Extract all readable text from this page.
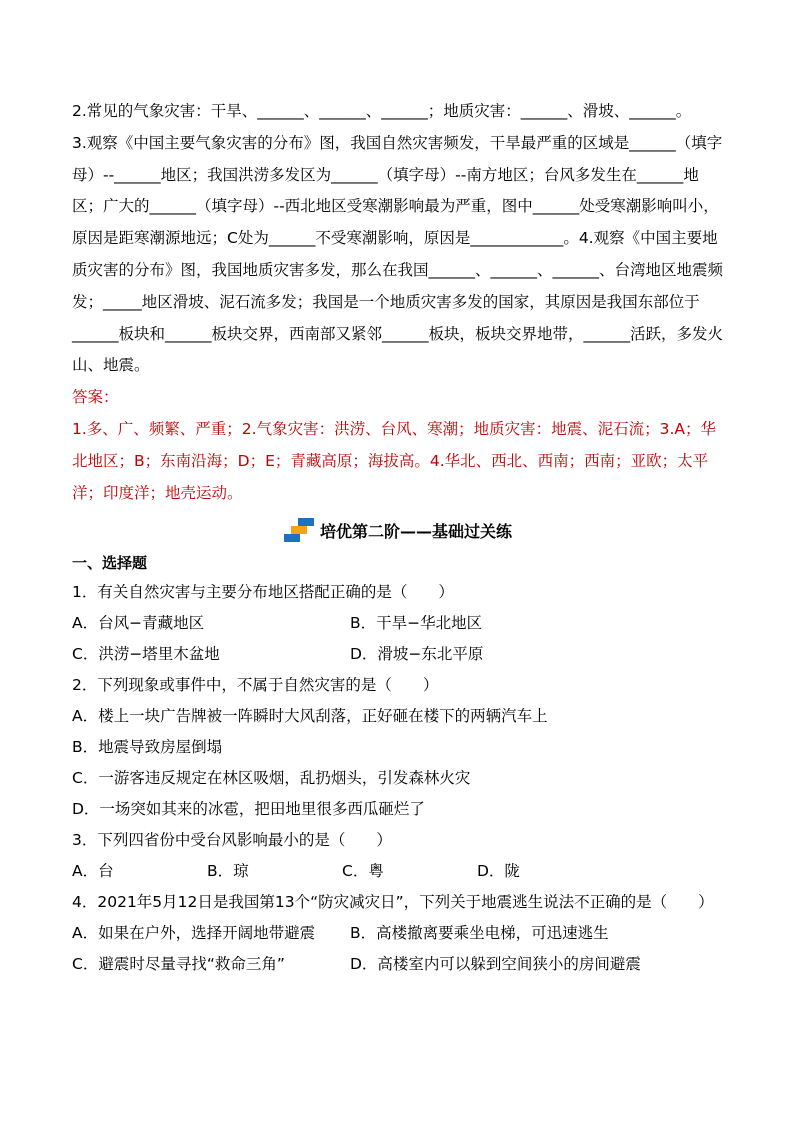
2.常见的气象灾害：干旱、______、______、______；地质灾害：______、滑坡、______。

3.观察《中国主要气象灾害的分布》图，我国自然灾害频发，干旱最严重的区域是______（填字母）--______地区；我国洪涝多发区为______（填字母）--南方地区；台风多发生在______地区；广大的______（填字母）--西北地区受寒潮影响最为严重，图中______处受寒潮影响叫小，原因是距寒潮源地远；C处为______不受寒潮影响，原因是____________。4.观察《中国主要地质灾害的分布》图，我国地质灾害多发，那么在我国______、______、______、台湾地区地震频发；_____地区滑坡、泥石流多发；我国是一个地质灾害多发的国家，其原因是我国东部位于______板块和______板块交界，西南部又紧邻______板块，板块交界地带，______活跃，多发火山、地震。

答案：

1.多、广、频繁、严重；2.气象灾害：洪涝、台风、寒潮；地质灾害：地震、泥石流；3.A；华北地区；B；东南沿海；D；E；青藏高原；海拔高。4.华北、西北、西南；西南；亚欧；太平洋；印度洋；地壳运动。

培优第二阶——基础过关练

一、选择题

1．有关自然灾害与主要分布地区搭配正确的是（　　）

A．台风−青藏地区	B．干旱−华北地区
C．洪涝−塔里木盆地	D．滑坡−东北平原

2．下列现象或事件中，不属于自然灾害的是（　　）

A．楼上一块广告牌被一阵瞬时大风刮落，正好砸在楼下的两辆汽车上

B．地震导致房屋倒塌

C．一游客违反规定在林区吸烟，乱扔烟头，引发森林火灾

D．一场突如其来的冰雹，把田地里很多西瓜砸烂了

3．下列四省份中受台风影响最小的是（　　）

A．台	B．琼	C．粤	D．陇

4．2021年5月12日是我国第13个“防灾减灾日”，下列关于地震逃生说法不正确的是（　　）

A．如果在户外，选择开阔地带避震	B．高楼撤离要乘坐电梯，可迅速逃生
C．避震时尽量寻找“救命三角”	D．高楼室内可以躲到空间狭小的房间避震
